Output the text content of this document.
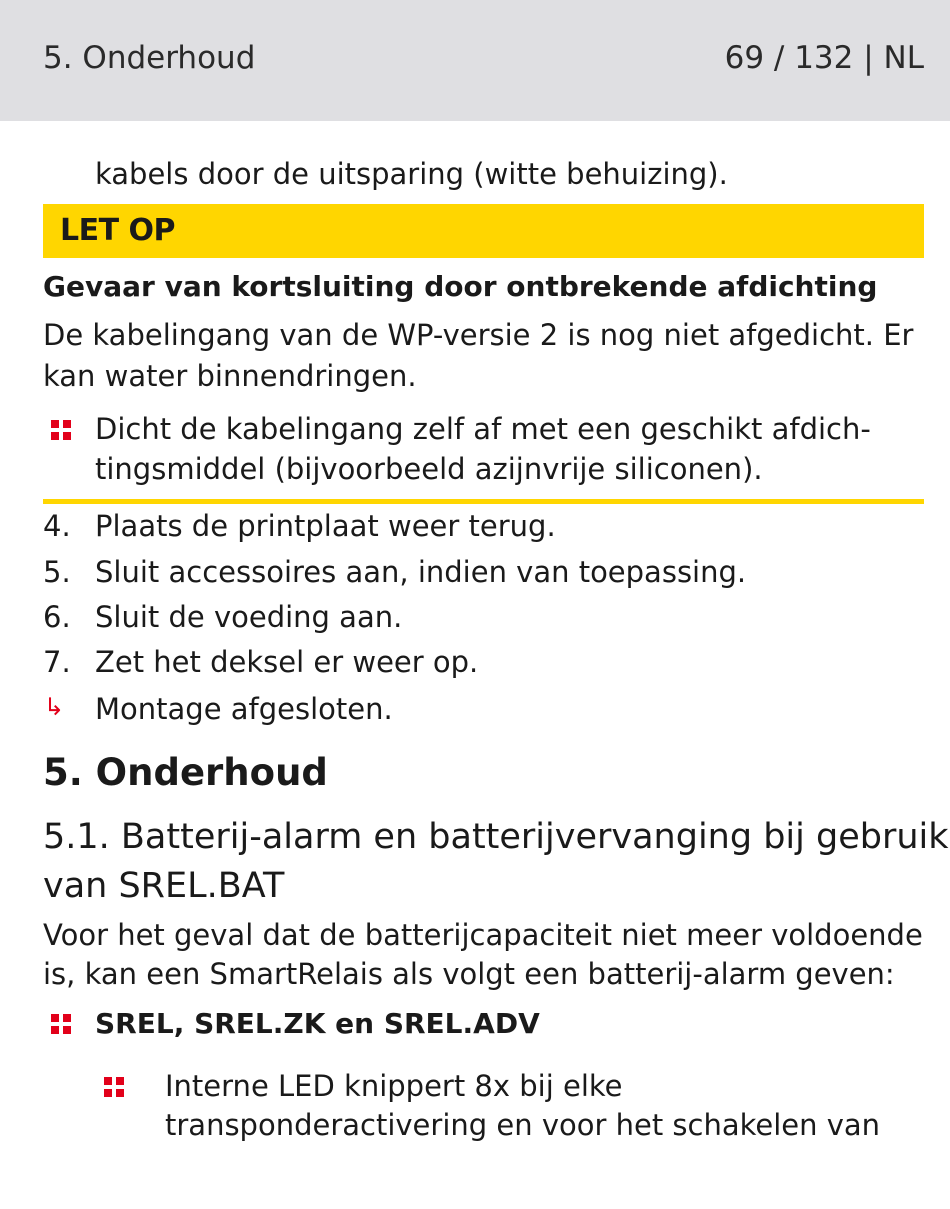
5. Onderhoud	69 / 132 | NL
kabels door de uitsparing (witte behuizing).
LET OP
Gevaar van kortsluiting door ontbrekende afdichting
De kabelingang van de WP-versie 2 is nog niet afgedicht. Er
kan water binnendringen.
Dicht de kabelingang zelf af met een geschikt afdich-
tingsmiddel (bijvoorbeeld azijnvrije siliconen).
4. Plaats de printplaat weer terug.
5. Sluit accessoires aan, indien van toepassing.
6. Sluit de voeding aan.
7. Zet het deksel er weer op.
↳ Montage afgesloten.
5. Onderhoud
5.1. Batterij-alarm en batterijvervanging bij gebruik
van SREL.BAT
Voor het geval dat de batterijcapaciteit niet meer voldoende
is, kan een SmartRelais als volgt een batterij-alarm geven:
SREL, SREL.ZK en SREL.ADV
Interne LED knippert 8x bij elke
transponderactivering en voor het schakelen van
